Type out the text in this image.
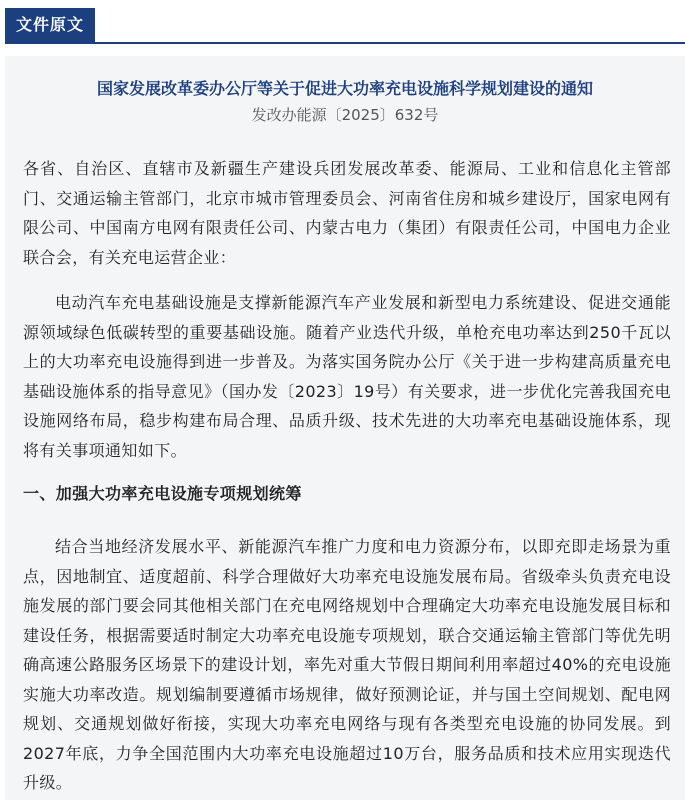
文件原文
国家发展改革委办公厅等关于促进大功率充电设施科学规划建设的通知
发改办能源〔2025〕632号
各省、自治区、直辖市及新疆生产建设兵团发展改革委、能源局、工业和信息化主管部门、交通运输主管部门，北京市城市管理委员会、河南省住房和城乡建设厅，国家电网有限公司、中国南方电网有限责任公司、内蒙古电力（集团）有限责任公司，中国电力企业联合会，有关充电运营企业：
电动汽车充电基础设施是支撑新能源汽车产业发展和新型电力系统建设、促进交通能源领域绿色低碳转型的重要基础设施。随着产业迭代升级，单枪充电功率达到250千瓦以上的大功率充电设施得到进一步普及。为落实国务院办公厅《关于进一步构建高质量充电基础设施体系的指导意见》（国办发〔2023〕19号）有关要求，进一步优化完善我国充电设施网络布局，稳步构建布局合理、品质升级、技术先进的大功率充电基础设施体系，现将有关事项通知如下。
一、加强大功率充电设施专项规划统筹
结合当地经济发展水平、新能源汽车推广力度和电力资源分布，以即充即走场景为重点，因地制宜、适度超前、科学合理做好大功率充电设施发展布局。省级牵头负责充电设施发展的部门要会同其他相关部门在充电网络规划中合理确定大功率充电设施发展目标和建设任务，根据需要适时制定大功率充电设施专项规划，联合交通运输主管部门等优先明确高速公路服务区场景下的建设计划，率先对重大节假日期间利用率超过40%的充电设施实施大功率改造。规划编制要遵循市场规律，做好预测论证，并与国土空间规划、配电网规划、交通规划做好衔接，实现大功率充电网络与现有各类型充电设施的协同发展。到2027年底，力争全国范围内大功率充电设施超过10万台，服务品质和技术应用实现迭代升级。
